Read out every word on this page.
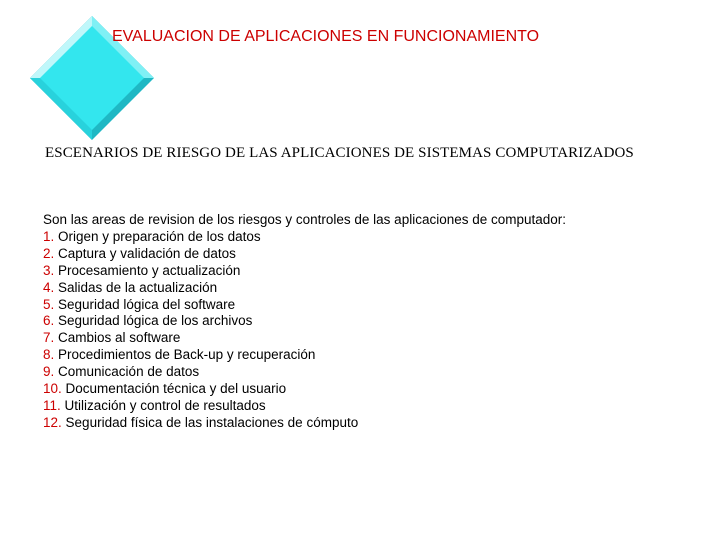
EVALUACION DE APLICACIONES EN FUNCIONAMIENTO
ESCENARIOS DE RIESGO DE LAS APLICACIONES DE SISTEMAS COMPUTARIZADOS
Son las areas de revision de los riesgos y controles de las aplicaciones de computador:
1. Origen y preparación de los datos
2. Captura y validación de datos
3. Procesamiento y actualización
4. Salidas de la actualización
5. Seguridad lógica del software
6. Seguridad lógica de los archivos
7. Cambios al software
8. Procedimientos de Back-up y recuperación
9. Comunicación de datos
10. Documentación técnica y del usuario
11. Utilización y control de resultados
12. Seguridad física de las instalaciones de cómputo
